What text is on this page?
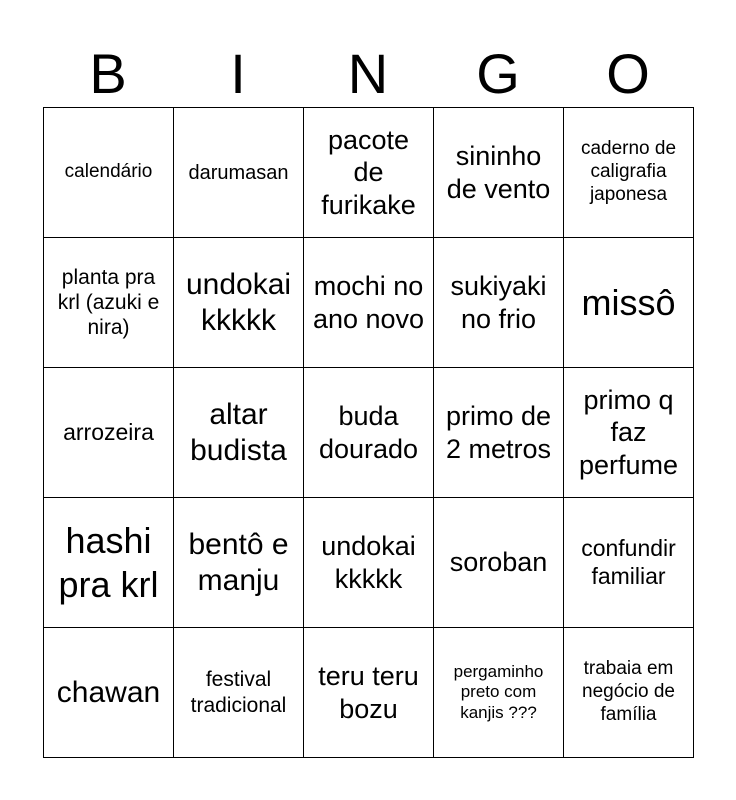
B	I	N	G	O
calendário	darumasan	pacote de furikake	sininho de vento	caderno de caligrafia japonesa
planta pra krl (azuki e nira)	undokai kkkkk	mochi no ano novo	sukiyaki no frio	missô
arrozeira	altar budista	buda dourado	primo de 2 metros	primo q faz perfume
hashi pra krl	bentô e manju	undokai kkkkk	soroban	confundir familiar
chawan	festival tradicional	teru teru bozu	pergaminho preto com kanjis ???	trabaia em negócio de família
